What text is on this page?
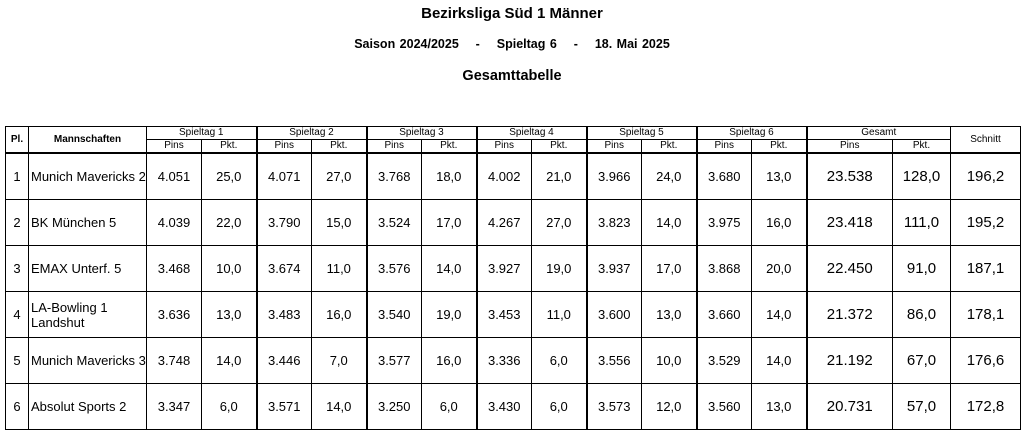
Bezirksliga Süd 1 Männer
Saison 2024/2025 - Spieltag 6 - 18. Mai 2025
Gesamttabelle
Pl.	Mannschaften	Spieltag 1		Spieltag 2		Spieltag 3		Spieltag 4		Spieltag 5		Spieltag 6		Gesamt		Schnitt
		Pins	Pkt.	Pins	Pkt.	Pins	Pkt.	Pins	Pkt.	Pins	Pkt.	Pins	Pkt.	Pins	Pkt.	
1	Munich Mavericks 2	4.051	25,0	4.071	27,0	3.768	18,0	4.002	21,0	3.966	24,0	3.680	13,0	23.538	128,0	196,2
2	BK München 5	4.039	22,0	3.790	15,0	3.524	17,0	4.267	27,0	3.823	14,0	3.975	16,0	23.418	111,0	195,2
3	EMAX Unterf. 5	3.468	10,0	3.674	11,0	3.576	14,0	3.927	19,0	3.937	17,0	3.868	20,0	22.450	91,0	187,1
4	LA-Bowling 1 Landshut	3.636	13,0	3.483	16,0	3.540	19,0	3.453	11,0	3.600	13,0	3.660	14,0	21.372	86,0	178,1
5	Munich Mavericks 3	3.748	14,0	3.446	7,0	3.577	16,0	3.336	6,0	3.556	10,0	3.529	14,0	21.192	67,0	176,6
6	Absolut Sports 2	3.347	6,0	3.571	14,0	3.250	6,0	3.430	6,0	3.573	12,0	3.560	13,0	20.731	57,0	172,8
